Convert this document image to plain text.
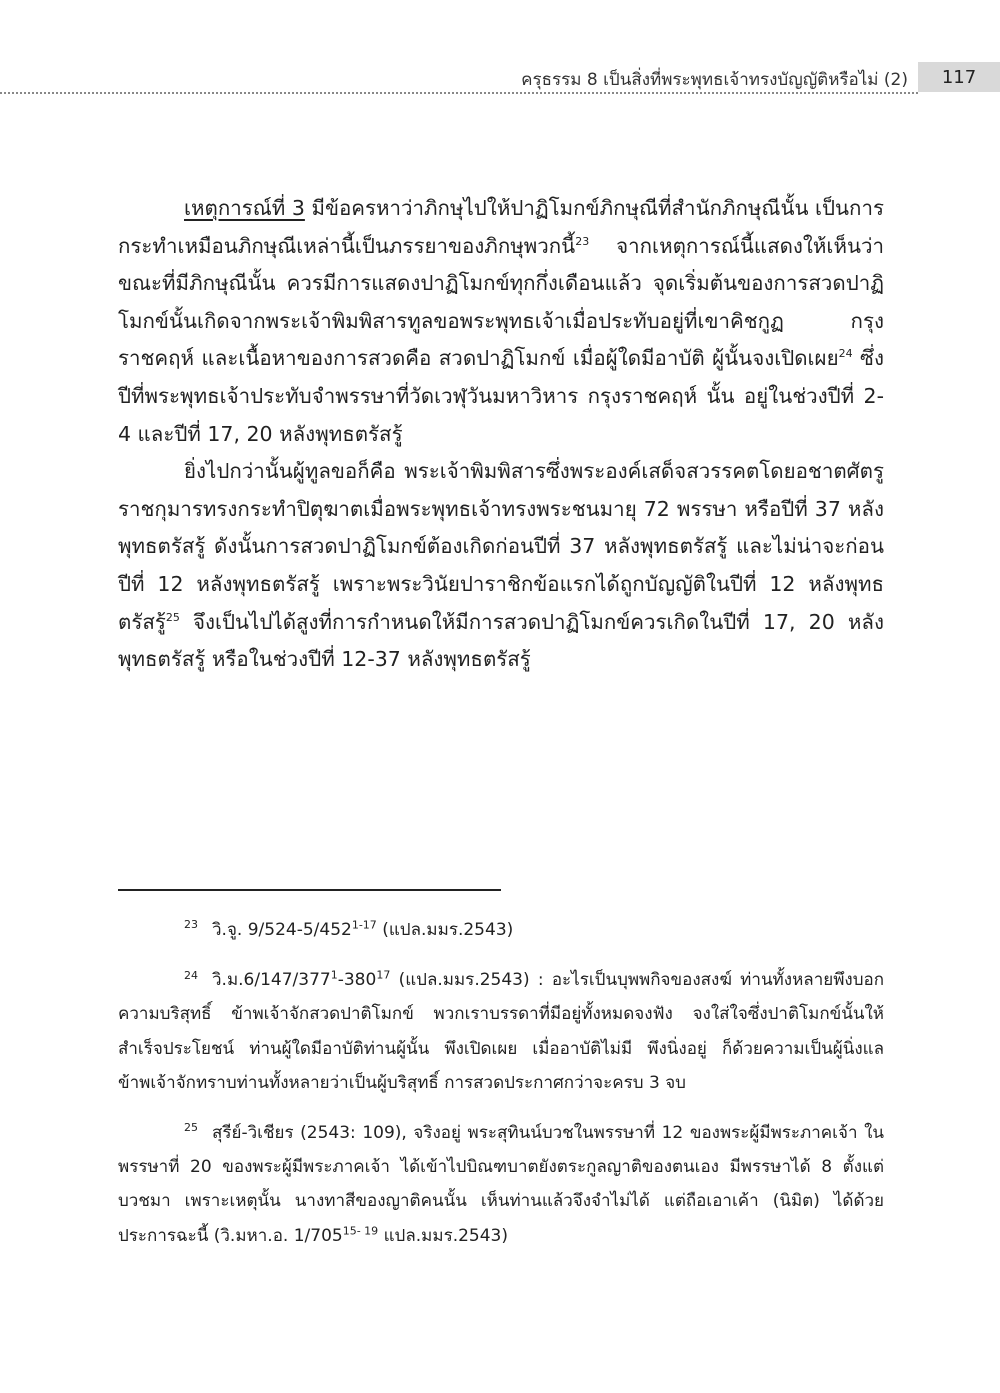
ครุธรรม 8 เป็นสิ่งที่พระพุทธเจ้าทรงบัญญัติหรือไม่ (2)	117

เหตุการณ์ที่ 3 มีข้อครหาว่าภิกษุไปให้ปาฏิโมกข์ภิกษุณีที่สำนักภิกษุณีนั้น เป็นการกระทำเหมือนภิกษุณีเหล่านี้เป็นภรรยาของภิกษุพวกนี้$^{23}$ จากเหตุการณ์นี้แสดงให้เห็นว่า ขณะที่มีภิกษุณีนั้น ควรมีการแสดงปาฏิโมกข์ทุกกึ่งเดือนแล้ว จุดเริ่มต้นของการสวดปาฏิโมกข์นั้นเกิดจากพระเจ้าพิมพิสารทูลขอพระพุทธเจ้าเมื่อประทับอยู่ที่เขาคิชกูฏ กรุงราชคฤห์ และเนื้อหาของการสวดคือ สวดปาฏิโมกข์ เมื่อผู้ใดมีอาบัติ ผู้นั้นจงเปิดเผย$^{24}$ ซึ่งปีที่พระพุทธเจ้าประทับจำพรรษาที่วัดเวฬุวันมหาวิหาร กรุงราชคฤห์ นั้น อยู่ในช่วงปีที่ 2-4 และปีที่ 17, 20 หลังพุทธตรัสรู้

ยิ่งไปกว่านั้นผู้ทูลขอก็คือ พระเจ้าพิมพิสารซึ่งพระองค์เสด็จสวรรคตโดยอชาตศัตรูราชกุมารทรงกระทำปิตุฆาตเมื่อพระพุทธเจ้าทรงพระชนมายุ 72 พรรษา หรือปีที่ 37 หลังพุทธตรัสรู้ ดังนั้นการสวดปาฏิโมกข์ต้องเกิดก่อนปีที่ 37 หลังพุทธตรัสรู้ และไม่น่าจะก่อนปีที่ 12 หลังพุทธตรัสรู้ เพราะพระวินัยปาราชิกข้อแรกได้ถูกบัญญัติในปีที่ 12 หลังพุทธตรัสรู้$^{25}$ จึงเป็นไปได้สูงที่การกำหนดให้มีการสวดปาฏิโมกข์ควรเกิดในปีที่ 17, 20 หลังพุทธตรัสรู้ หรือในช่วงปีที่ 12-37 หลังพุทธตรัสรู้

$^{23}$ วิ.จู. 9/524-5/452$^{1-17}$ (แปล.มมร.2543)

$^{24}$ วิ.ม$.6/147/377^1-380^{17}$ (แปล.มมร.2543) : อะไรเป็นบุพพกิจของสงฆ์ ท่านทั้งหลายพึงบอกความบริสุทธิ์ ข้าพเจ้าจักสวดปาติโมกข์ พวกเราบรรดาที่มีอยู่ทั้งหมดจงฟัง จงใส่ใจซึ่งปาติโมกข์นั้นให้สำเร็จประโยชน์ ท่านผู้ใดมีอาบัติท่านผู้นั้น พึงเปิดเผย เมื่ออาบัติไม่มี พึงนิ่งอยู่ ก็ด้วยความเป็นผู้นิ่งแล ข้าพเจ้าจักทราบท่านทั้งหลายว่าเป็นผู้บริสุทธิ์ การสวดประกาศกว่าจะครบ 3 จบ

$^{25}$ สุรีย์-วิเชียร (2543: 109), จริงอยู่ พระสุทินน์บวชในพรรษาที่ 12 ของพระผู้มีพระภาคเจ้า ในพรรษาที่ 20 ของพระผู้มีพระภาคเจ้า ได้เข้าไปบิณฑบาตยังตระกูลญาติของตนเอง มีพรรษาได้ 8 ตั้งแต่บวชมา เพราะเหตุนั้น นางทาสีของญาติคนนั้น เห็นท่านแล้วจึงจำไม่ได้ แต่ถือเอาเค้า (นิมิต) ได้ด้วยประการฉะนี้ (วิ.มหา.อ. 1/705$^{15- 19}$ แปล.มมร.2543)
